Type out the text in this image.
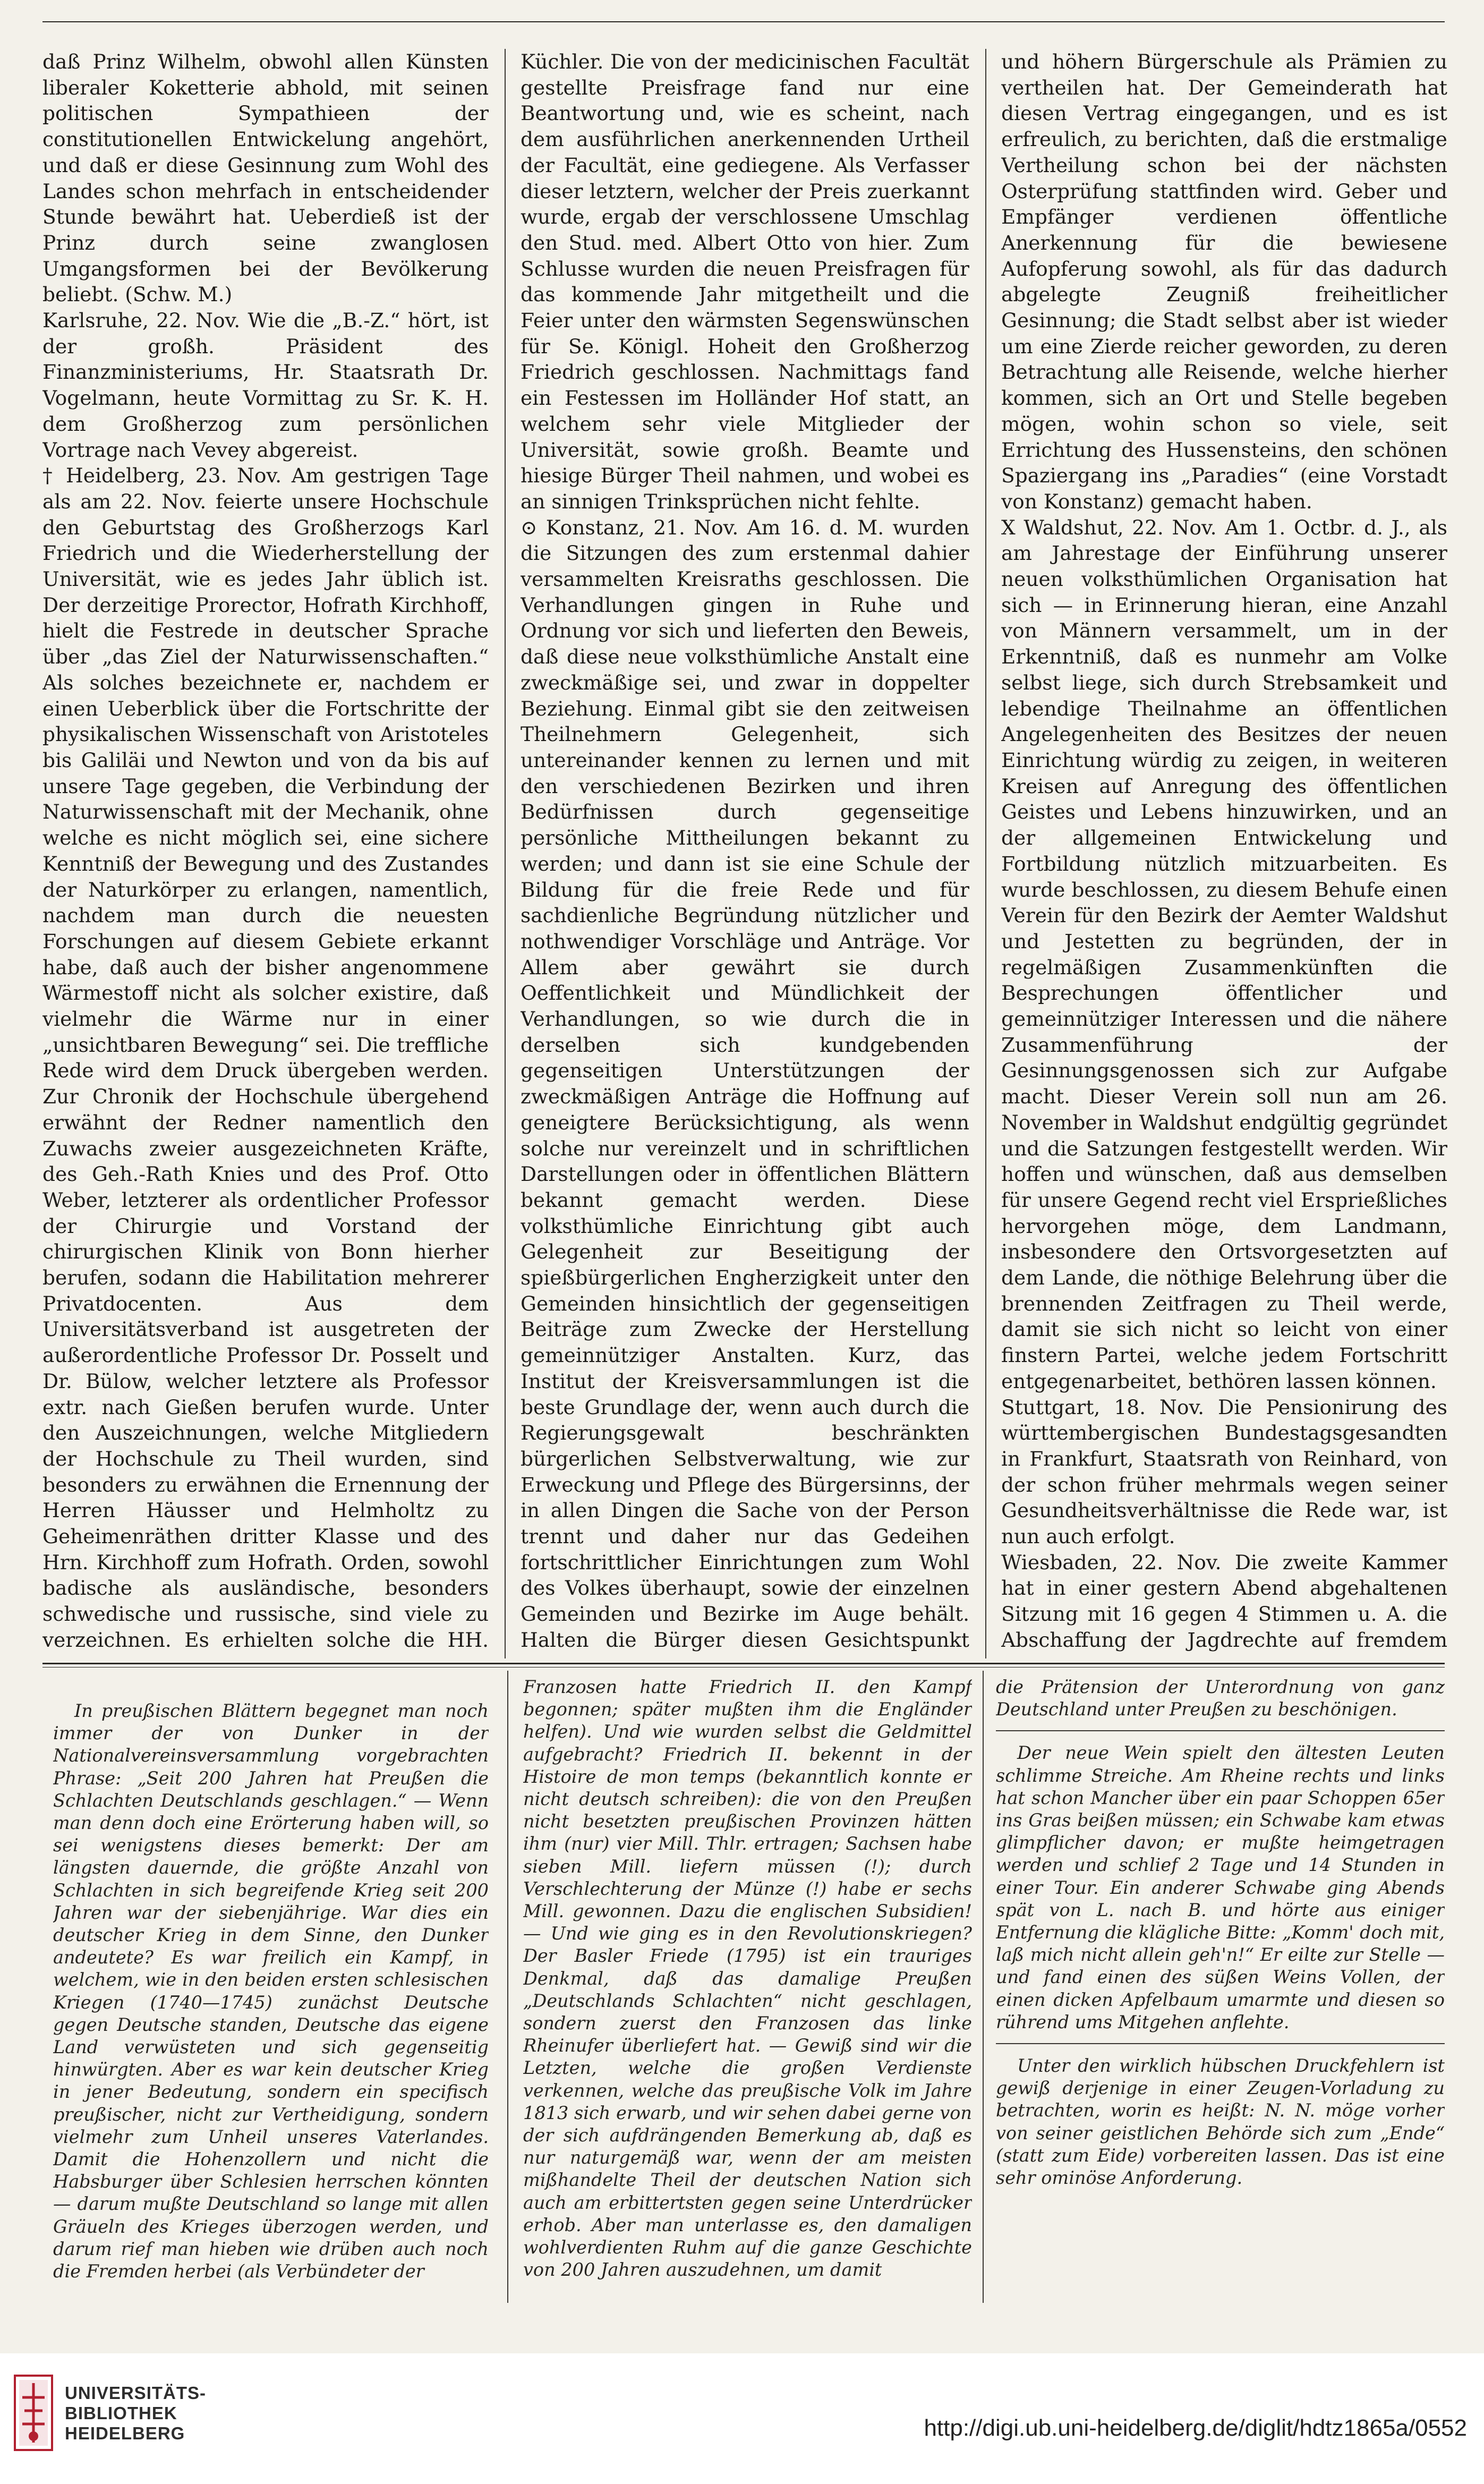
daß Prinz Wilhelm, obwohl allen Künsten liberaler Koketterie abhold, mit seinen politischen Sympathieen der constitutionellen Entwickelung angehört, und daß er diese Gesinnung zum Wohl des Landes schon mehrfach in entscheidender Stunde bewährt hat. Ueberdieß ist der Prinz durch seine zwanglosen Umgangsformen bei der Bevölkerung beliebt. (Schw. M.)

Karlsruhe, 22. Nov. Wie die „B.-Z.“ hört, ist der großh. Präsident des Finanzministeriums, Hr. Staatsrath Dr. Vogelmann, heute Vormittag zu Sr. K. H. dem Großherzog zum persönlichen Vortrage nach Vevey abgereist.

† Heidelberg, 23. Nov. Am gestrigen Tage als am 22. Nov. feierte unsere Hochschule den Geburtstag des Großherzogs Karl Friedrich und die Wiederherstellung der Universität, wie es jedes Jahr üblich ist. Der derzeitige Prorector, Hofrath Kirchhoff, hielt die Festrede in deutscher Sprache über „das Ziel der Naturwissenschaften.“ Als solches bezeichnete er, nachdem er einen Ueberblick über die Fortschritte der physikalischen Wissenschaft von Aristoteles bis Galiläi und Newton und von da bis auf unsere Tage gegeben, die Verbindung der Naturwissenschaft mit der Mechanik, ohne welche es nicht möglich sei, eine sichere Kenntniß der Bewegung und des Zustandes der Naturkörper zu erlangen, namentlich, nachdem man durch die neuesten Forschungen auf diesem Gebiete erkannt habe, daß auch der bisher angenommene Wärmestoff nicht als solcher existire, daß vielmehr die Wärme nur in einer „unsichtbaren Bewegung“ sei. Die treffliche Rede wird dem Druck übergeben werden. Zur Chronik der Hochschule übergehend erwähnt der Redner namentlich den Zuwachs zweier ausgezeichneten Kräfte, des Geh.-Rath Knies und des Prof. Otto Weber, letzterer als ordentlicher Professor der Chirurgie und Vorstand der chirurgischen Klinik von Bonn hierher berufen, sodann die Habilitation mehrerer Privatdocenten. Aus dem Universitätsverband ist ausgetreten der außerordentliche Professor Dr. Posselt und Dr. Bülow, welcher letztere als Professor extr. nach Gießen berufen wurde. Unter den Auszeichnungen, welche Mitgliedern der Hochschule zu Theil wurden, sind besonders zu erwähnen die Ernennung der Herren Häusser und Helmholtz zu Geheimenräthen dritter Klasse und des Hrn. Kirchhoff zum Hofrath. Orden, sowohl badische als ausländische, besonders schwedische und russische, sind viele zu verzeichnen. Es erhielten solche die HH.

Küchler. Die von der medicinischen Facultät gestellte Preisfrage fand nur eine Beantwortung und, wie es scheint, nach dem ausführlichen anerkennenden Urtheil der Facultät, eine gediegene. Als Verfasser dieser letztern, welcher der Preis zuerkannt wurde, ergab der verschlossene Umschlag den Stud. med. Albert Otto von hier. Zum Schlusse wurden die neuen Preisfragen für das kommende Jahr mitgetheilt und die Feier unter den wärmsten Segenswünschen für Se. Königl. Hoheit den Großherzog Friedrich geschlossen. Nachmittags fand ein Festessen im Holländer Hof statt, an welchem sehr viele Mitglieder der Universität, sowie großh. Beamte und hiesige Bürger Theil nahmen, und wobei es an sinnigen Trinksprüchen nicht fehlte.

⊙ Konstanz, 21. Nov. Am 16. d. M. wurden die Sitzungen des zum erstenmal dahier versammelten Kreisraths geschlossen. Die Verhandlungen gingen in Ruhe und Ordnung vor sich und lieferten den Beweis, daß diese neue volksthümliche Anstalt eine zweckmäßige sei, und zwar in doppelter Beziehung. Einmal gibt sie den zeitweisen Theilnehmern Gelegenheit, sich untereinander kennen zu lernen und mit den verschiedenen Bezirken und ihren Bedürfnissen durch gegenseitige persönliche Mittheilungen bekannt zu werden; und dann ist sie eine Schule der Bildung für die freie Rede und für sachdienliche Begründung nützlicher und nothwendiger Vorschläge und Anträge. Vor Allem aber gewährt sie durch Oeffentlichkeit und Mündlichkeit der Verhandlungen, so wie durch die in derselben sich kundgebenden gegenseitigen Unterstützungen der zweckmäßigen Anträge die Hoffnung auf geneigtere Berücksichtigung, als wenn solche nur vereinzelt und in schriftlichen Darstellungen oder in öffentlichen Blättern bekannt gemacht werden. Diese volksthümliche Einrichtung gibt auch Gelegenheit zur Beseitigung der spießbürgerlichen Engherzigkeit unter den Gemeinden hinsichtlich der gegenseitigen Beiträge zum Zwecke der Herstellung gemeinnütziger Anstalten. Kurz, das Institut der Kreisversammlungen ist die beste Grundlage der, wenn auch durch die Regierungsgewalt beschränkten bürgerlichen Selbstverwaltung, wie zur Erweckung und Pflege des Bürgersinns, der in allen Dingen die Sache von der Person trennt und daher nur das Gedeihen fortschrittlicher Einrichtungen zum Wohl des Volkes überhaupt, sowie der einzelnen Gemeinden und Bezirke im Auge behält. Halten die Bürger diesen Gesichtspunkt

und höhern Bürgerschule als Prämien zu vertheilen hat. Der Gemeinderath hat diesen Vertrag eingegangen, und es ist erfreulich, zu berichten, daß die erstmalige Vertheilung schon bei der nächsten Osterprüfung stattfinden wird. Geber und Empfänger verdienen öffentliche Anerkennung für die bewiesene Aufopferung sowohl, als für das dadurch abgelegte Zeugniß freiheitlicher Gesinnung; die Stadt selbst aber ist wieder um eine Zierde reicher geworden, zu deren Betrachtung alle Reisende, welche hierher kommen, sich an Ort und Stelle begeben mögen, wohin schon so viele, seit Errichtung des Hussensteins, den schönen Spaziergang ins „Paradies“ (eine Vorstadt von Konstanz) gemacht haben.

X Waldshut, 22. Nov. Am 1. Octbr. d. J., als am Jahrestage der Einführung unserer neuen volksthümlichen Organisation hat sich — in Erinnerung hieran, eine Anzahl von Männern versammelt, um in der Erkenntniß, daß es nunmehr am Volke selbst liege, sich durch Strebsamkeit und lebendige Theilnahme an öffentlichen Angelegenheiten des Besitzes der neuen Einrichtung würdig zu zeigen, in weiteren Kreisen auf Anregung des öffentlichen Geistes und Lebens hinzuwirken, und an der allgemeinen Entwickelung und Fortbildung nützlich mitzuarbeiten. Es wurde beschlossen, zu diesem Behufe einen Verein für den Bezirk der Aemter Waldshut und Jestetten zu begründen, der in regelmäßigen Zusammenkünften die Besprechungen öffentlicher und gemeinnütziger Interessen und die nähere Zusammenführung der Gesinnungsgenossen sich zur Aufgabe macht. Dieser Verein soll nun am 26. November in Waldshut endgültig gegründet und die Satzungen festgestellt werden. Wir hoffen und wünschen, daß aus demselben für unsere Gegend recht viel Ersprießliches hervorgehen möge, dem Landmann, insbesondere den Ortsvorgesetzten auf dem Lande, die nöthige Belehrung über die brennenden Zeitfragen zu Theil werde, damit sie sich nicht so leicht von einer finstern Partei, welche jedem Fortschritt entgegenarbeitet, bethören lassen können.

Stuttgart, 18. Nov. Die Pensionirung des württembergischen Bundestagsgesandten in Frankfurt, Staatsrath von Reinhard, von der schon früher mehrmals wegen seiner Gesundheitsverhältnisse die Rede war, ist nun auch erfolgt.

Wiesbaden, 22. Nov. Die zweite Kammer hat in einer gestern Abend abgehaltenen Sitzung mit 16 gegen 4 Stimmen u. A. die Abschaffung der Jagdrechte auf fremdem

In preußischen Blättern begegnet man noch immer der von Dunker in der Nationalvereinsversammlung vorgebrachten Phrase: „Seit 200 Jahren hat Preußen die Schlachten Deutschlands geschlagen.“ — Wenn man denn doch eine Erörterung haben will, so sei wenigstens dieses bemerkt: Der am längsten dauernde, die größte Anzahl von Schlachten in sich begreifende Krieg seit 200 Jahren war der siebenjährige. War dies ein deutscher Krieg in dem Sinne, den Dunker andeutete? Es war freilich ein Kampf, in welchem, wie in den beiden ersten schlesischen Kriegen (1740—1745) zunächst Deutsche gegen Deutsche standen, Deutsche das eigene Land verwüsteten und sich gegenseitig hinwürgten. Aber es war kein deutscher Krieg in jener Bedeutung, sondern ein specifisch preußischer, nicht zur Vertheidigung, sondern vielmehr zum Unheil unseres Vaterlandes. Damit die Hohenzollern und nicht die Habsburger über Schlesien herrschen könnten — darum mußte Deutschland so lange mit allen Gräueln des Krieges überzogen werden, und darum rief man hieben wie drüben auch noch die Fremden herbei (als Verbündeter der

Franzosen hatte Friedrich II. den Kampf begonnen; später mußten ihm die Engländer helfen). Und wie wurden selbst die Geldmittel aufgebracht? Friedrich II. bekennt in der Histoire de mon temps (bekanntlich konnte er nicht deutsch schreiben): die von den Preußen nicht besetzten preußischen Provinzen hätten ihm (nur) vier Mill. Thlr. ertragen; Sachsen habe sieben Mill. liefern müssen (!); durch Verschlechterung der Münze (!) habe er sechs Mill. gewonnen. Dazu die englischen Subsidien! — Und wie ging es in den Revolutionskriegen? Der Basler Friede (1795) ist ein trauriges Denkmal, daß das damalige Preußen „Deutschlands Schlachten“ nicht geschlagen, sondern zuerst den Franzosen das linke Rheinufer überliefert hat. — Gewiß sind wir die Letzten, welche die großen Verdienste verkennen, welche das preußische Volk im Jahre 1813 sich erwarb, und wir sehen dabei gerne von der sich aufdrängenden Bemerkung ab, daß es nur naturgemäß war, wenn der am meisten mißhandelte Theil der deutschen Nation sich auch am erbittertsten gegen seine Unterdrücker erhob. Aber man unterlasse es, den damaligen wohlverdienten Ruhm auf die ganze Geschichte von 200 Jahren auszudehnen, um damit

die Prätension der Unterordnung von ganz Deutschland unter Preußen zu beschönigen.

Der neue Wein spielt den ältesten Leuten schlimme Streiche. Am Rheine rechts und links hat schon Mancher über ein paar Schoppen 65er ins Gras beißen müssen; ein Schwabe kam etwas glimpflicher davon; er mußte heimgetragen werden und schlief 2 Tage und 14 Stunden in einer Tour. Ein anderer Schwabe ging Abends spät von L. nach B. und hörte aus einiger Entfernung die klägliche Bitte: „Komm' doch mit, laß mich nicht allein geh'n!“ Er eilte zur Stelle — und fand einen des süßen Weins Vollen, der einen dicken Apfelbaum umarmte und diesen so rührend ums Mitgehen anflehte.

Unter den wirklich hübschen Druckfehlern ist gewiß derjenige in einer Zeugen-Vorladung zu betrachten, worin es heißt: N. N. möge vorher von seiner geistlichen Behörde sich zum „Ende“ (statt zum Eide) vorbereiten lassen. Das ist eine sehr ominöse Anforderung.

UNIVERSITÄTS-
BIBLIOTHEK
HEIDELBERG	http://digi.ub.uni-heidelberg.de/diglit/hdtz1865a/0552
